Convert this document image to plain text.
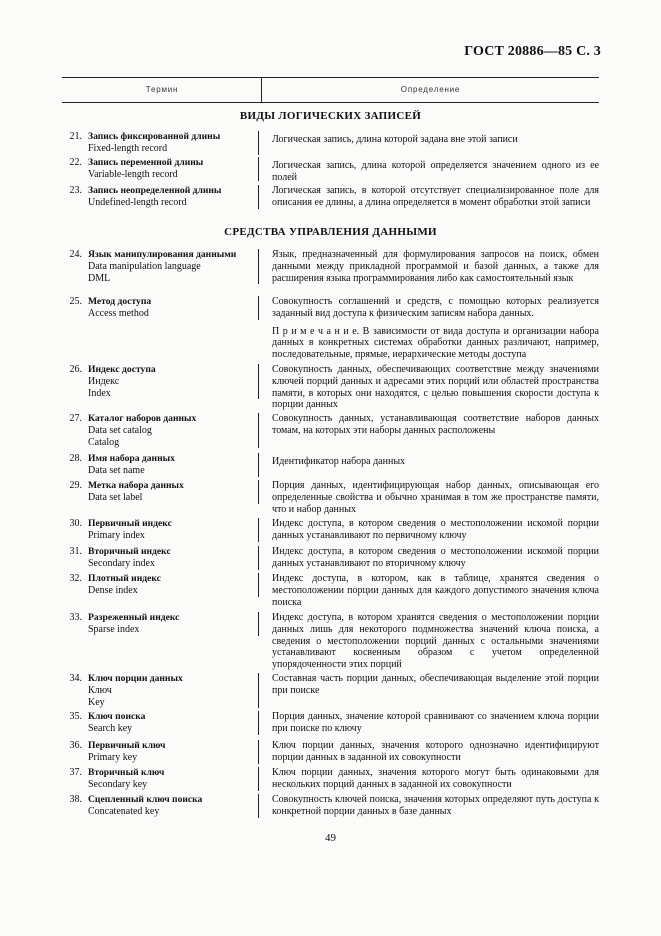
ГОСТ 20886—85 С. 3
Термин	Определение
ВИДЫ ЛОГИЧЕСКИХ ЗАПИСЕЙ
СРЕДСТВА УПРАВЛЕНИЯ ДАННЫМИ
21. Запись фиксированной длины
Fixed-length record

Логическая запись, длина которой задана вне этой записи

22. Запись переменной длины
Variable-length record

Логическая запись, длина которой определяется значением одного из ее полей

23. Запись неопределенной длины
Undefined-length record

Логическая запись, в которой отсутствует специализированное поле для описания ее длины, а длина определяется в момент обработки этой записи

24. Язык манипулирования данными
Data manipulation language
DML

Язык, предназначенный для формулирования запросов на поиск, обмен данными между прикладной программой и базой данных, а также для расширения языка программирования либо как самостоятельный язык

25. Метод доступа
Access method

Совокупность соглашений и средств, с помощью которых реализуется заданный вид доступа к физическим записям набора данных.

П р и м е ч а н и е. В зависимости от вида доступа и организации набора данных в конкретных системах обработки данных различают, например, последовательные, прямые, иерархические методы доступа

26. Индекс доступа
Индекс
Index

Совокупность данных, обеспечивающих соответствие между значениями ключей порций данных и адресами этих порций или областей пространства памяти, в которых они находятся, с целью повышения скорости доступа к порции данных

27. Каталог наборов данных
Data set catalog
Catalog

Совокупность данных, устанавливающая соответствие наборов данных томам, на которых эти наборы данных расположены

28. Имя набора данных
Data set name

Идентификатор набора данных

29. Метка набора данных
Data set label

Порция данных, идентифицирующая набор данных, описывающая его определенные свойства и обычно хранимая в том же пространстве памяти, что и набор данных

30. Первичный индекс
Primary index

Индекс доступа, в котором сведения о местоположении искомой порции данных устанавливают по первичному ключу

31. Вторичный индекс
Secondary index

Индекс доступа, в котором сведения о местоположении искомой порции данных устанавливают по вторичному ключу

32. Плотный индекс
Dense index

Индекс доступа, в котором, как в таблице, хранятся сведения о местоположении порции данных для каждого допустимого значения ключа поиска

33. Разреженный индекс
Sparse index

Индекс доступа, в котором хранятся сведения о местоположении порции данных лишь для некоторого подмножества значений ключа поиска, а сведения о местоположении порций данных с остальными значениями устанавливают косвенным образом с учетом определенной упорядоченности этих порций

34. Ключ порции данных
Ключ
Key

Составная часть порции данных, обеспечивающая выделение этой порции при поиске

35. Ключ поиска
Search key

Порция данных, значение которой сравнивают со значением ключа порции при поиске по ключу

36. Первичный ключ
Primary key

Ключ порции данных, значения которого однозначно идентифицируют порции данных в заданной их совокупности

37. Вторичный ключ
Secondary key

Ключ порции данных, значения которого могут быть одинаковыми для нескольких порций данных в заданной их совокупности

38. Сцепленный ключ поиска
Concatenated key

Совокупность ключей поиска, значения которых определяют путь доступа к конкретной порции данных в базе данных

49
